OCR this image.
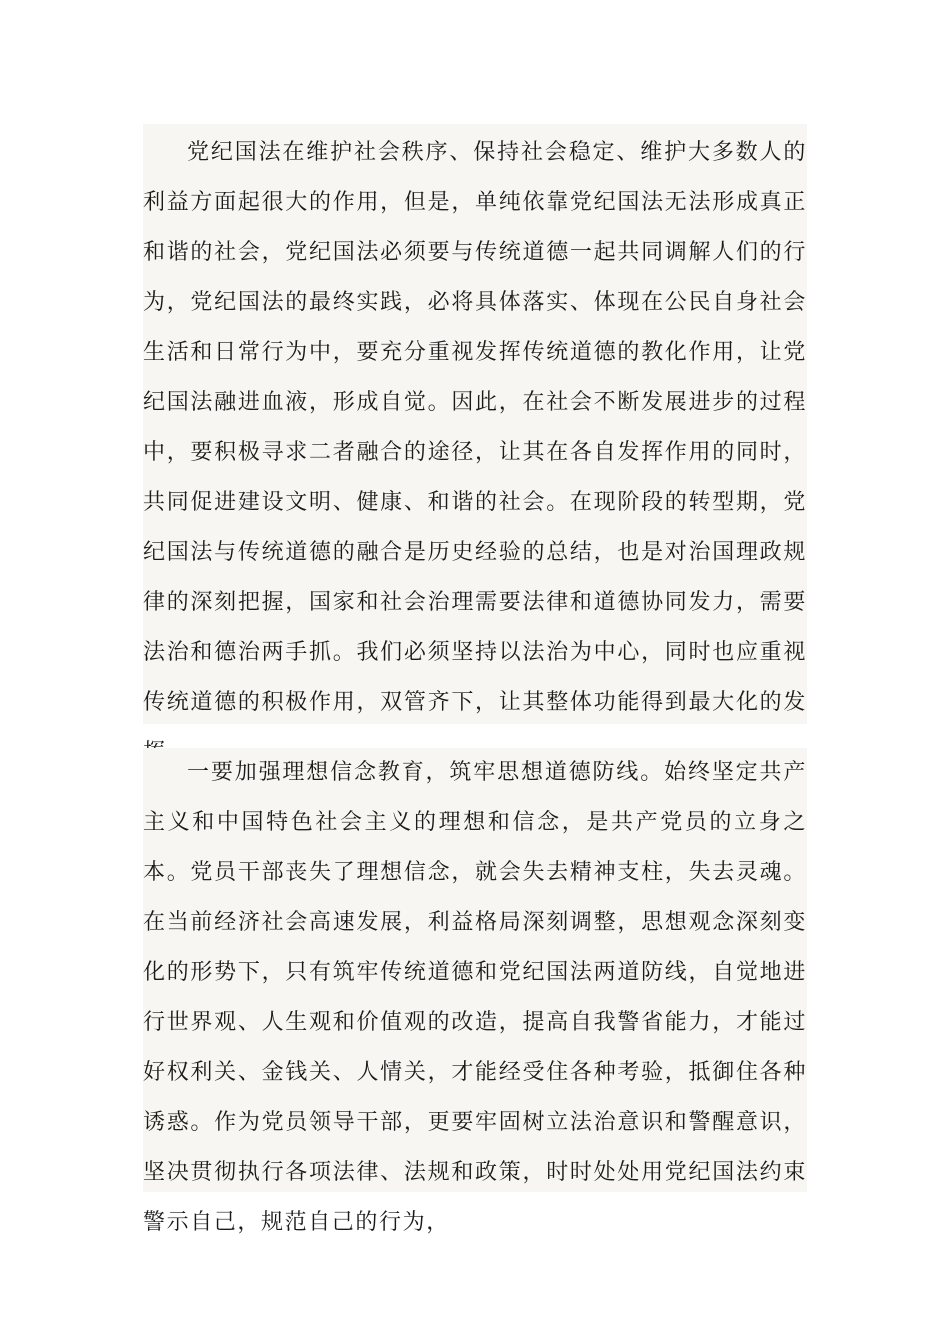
党纪国法在维护社会秩序、保持社会稳定、维护大多数人的利益方面起很大的作用，但是，单纯依靠党纪国法无法形成真正和谐的社会，党纪国法必须要与传统道德一起共同调解人们的行为，党纪国法的最终实践，必将具体落实、体现在公民自身社会生活和日常行为中，要充分重视发挥传统道德的教化作用，让党纪国法融进血液，形成自觉。因此，在社会不断发展进步的过程中，要积极寻求二者融合的途径，让其在各自发挥作用的同时，共同促进建设文明、健康、和谐的社会。在现阶段的转型期，党纪国法与传统道德的融合是历史经验的总结，也是对治国理政规律的深刻把握，国家和社会治理需要法律和道德协同发力，需要法治和德治两手抓。我们必须坚持以法治为中心，同时也应重视传统道德的积极作用，双管齐下，让其整体功能得到最大化的发

一要加强理想信念教育，筑牢思想道德防线。始终坚定共产主义和中国特色社会主义的理想和信念，是共产党员的立身之本。党员干部丧失了理想信念，就会失去精神支柱，失去灵魂。在当前经济社会高速发展，利益格局深刻调整，思想观念深刻变化的形势下，只有筑牢传统道德和党纪国法两道防线，自觉地进行世界观、人生观和价值观的改造，提高自我警省能力，才能过好权利关、金钱关、人情关，才能经受住各种考验，抵御住各种诱惑。作为党员领导干部，更要牢固树立法治意识和警醒意识，坚决贯彻执行各项法律、法规和政策，时时处处用党纪国法约束警示自己，规范自己的行为，
